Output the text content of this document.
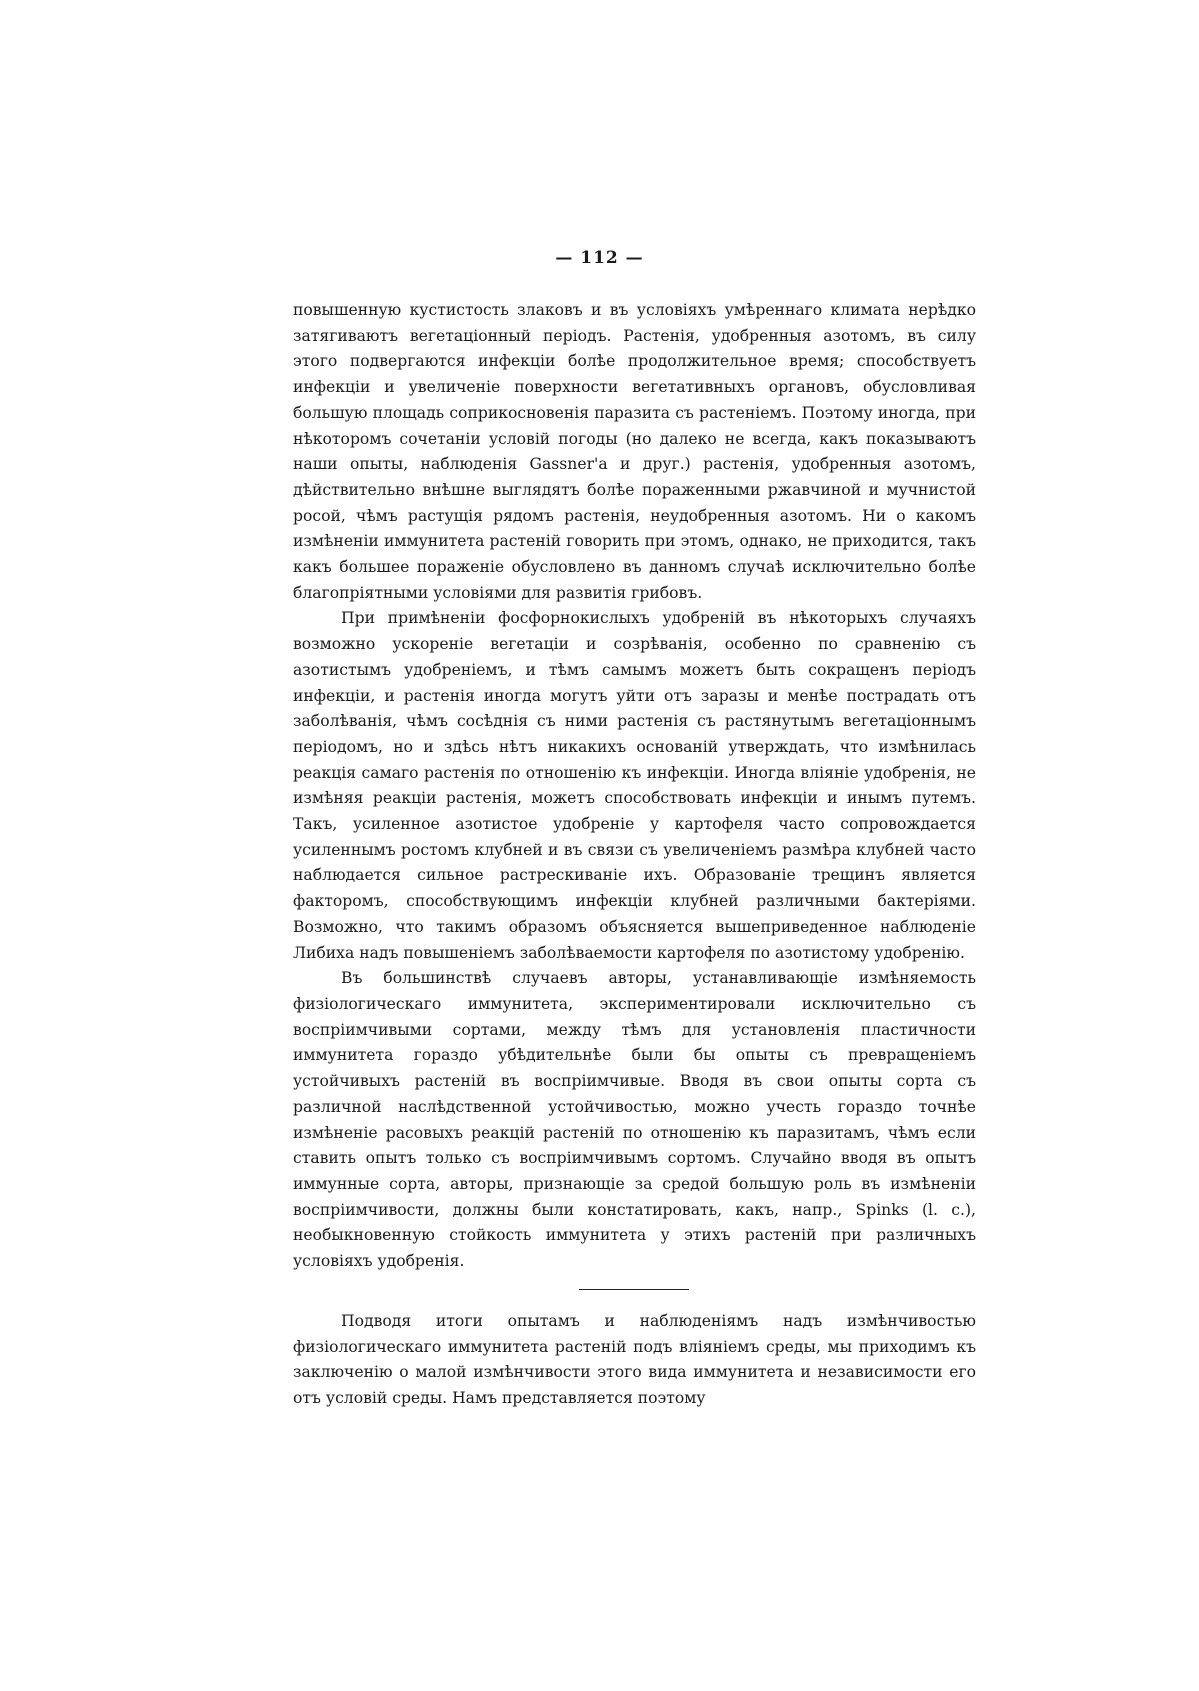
— 112 —

повышенную кустистость злаковъ и въ условіяхъ умѣреннаго климата нерѣдко затягиваютъ вегетаціонный періодъ. Растенія, удобренныя азотомъ, въ силу этого подвергаются инфекціи болѣе продолжительное время; способствуетъ инфекціи и увеличеніе поверхности вегетативныхъ органовъ, обусловливая большую площадь соприкосновенія паразита съ растеніемъ. Поэтому иногда, при нѣкоторомъ сочетаніи условій погоды (но далеко не всегда, какъ показываютъ наши опыты, наблюденія Gassner'a и друг.) растенія, удобренныя азотомъ, дѣйствительно внѣшне выглядятъ болѣе пораженными ржавчиной и мучнистой росой, чѣмъ растущія рядомъ растенія, неудобренныя азотомъ. Ни о какомъ измѣненіи иммунитета растеній говорить при этомъ, однако, не приходится, такъ какъ большее пораженіе обусловлено въ данномъ случаѣ исключительно болѣе благопріятными условіями для развитія грибовъ.

При примѣненіи фосфорнокислыхъ удобреній въ нѣкоторыхъ случаяхъ возможно ускореніе вегетаціи и созрѣванія, особенно по сравненію съ азотистымъ удобреніемъ, и тѣмъ самымъ можетъ быть сокращенъ періодъ инфекціи, и растенія иногда могутъ уйти отъ заразы и менѣе пострадать отъ заболѣванія, чѣмъ сосѣднія съ ними растенія съ растянутымъ вегетаціоннымъ періодомъ, но и здѣсь нѣтъ никакихъ основаній утверждать, что измѣнилась реакція самаго растенія по отношенію къ инфекціи. Иногда вліяніе удобренія, не измѣняя реакціи растенія, можетъ способствовать инфекціи и инымъ путемъ. Такъ, усиленное азотистое удобреніе у картофеля часто сопровождается усиленнымъ ростомъ клубней и въ связи съ увеличеніемъ размѣра клубней часто наблюдается сильное растрескиваніе ихъ. Образованіе трещинъ является факторомъ, способствующимъ инфекціи клубней различными бактеріями. Возможно, что такимъ образомъ объясняется вышеприведенное наблюденіе Либиха надъ повышеніемъ заболѣваемости картофеля по азотистому удобренію.

Въ большинствѣ случаевъ авторы, устанавливающіе измѣняемость физіологическаго иммунитета, экспериментировали исключительно съ воспріимчивыми сортами, между тѣмъ для установленія пластичности иммунитета гораздо убѣдительнѣе были бы опыты съ превращеніемъ устойчивыхъ растеній въ воспріимчивые. Вводя въ свои опыты сорта съ различной наслѣдственной устойчивостью, можно учесть гораздо точнѣе измѣненіе расовыхъ реакцій растеній по отношенію къ паразитамъ, чѣмъ если ставить опытъ только съ воспріимчивымъ сортомъ. Случайно вводя въ опытъ иммунные сорта, авторы, признающіе за средой большую роль въ измѣненіи воспріимчивости, должны были констатировать, какъ, напр., Spinks (l. c.), необыкновенную стойкость иммунитета у этихъ растеній при различныхъ условіяхъ удобренія.

Подводя итоги опытамъ и наблюденіямъ надъ измѣнчивостью физіологическаго иммунитета растеній подъ вліяніемъ среды, мы приходимъ къ заключенію о малой измѣнчивости этого вида иммунитета и независимости его отъ условій среды. Намъ представляется поэтому
